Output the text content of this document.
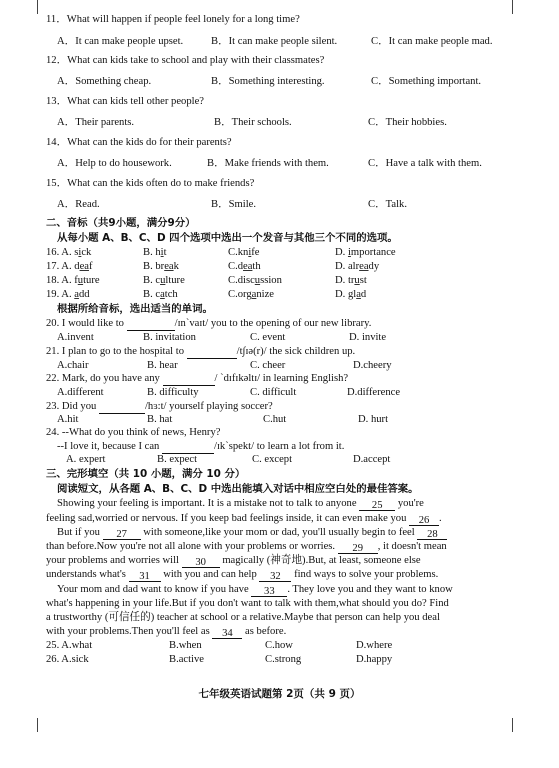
11．What will happen if people feel lonely for a long time?
A．It can make people upset.	B．It can make people silent.	C．It can make people mad.
12．What can kids take to school and play with their classmates?
A．Something cheap.	B．Something interesting.	C．Something important.
13．What can kids tell other people?
A．Their parents.	B．Their schools.	C．Their hobbies.
14．What can the kids do for their parents?
A．Help to do housework.	B．Make friends with them.	C．Have a talk with them.
15．What can the kids often do to make friends?
A．Read.	B．Smile.	C．Talk.
二、音标（共9小题，满分9分）
从每小题 A、B、C、D 四个选项中选出一个发音与其他三个不同的选项。
16. A. sick	B. hit	C.knife	D. importance
17. A. deaf	B. break	C.death	D. already
18. A. future	B. culture	C.discussion	D. trust
19. A. add	B. catch	C.organize	D. glad
根据所给音标，选出适当的单词。
20. I would like to	/ɪn`vaɪt/ you to the opening of our new library.
A.invent	B. invitation	C. event	D. invite
21. I plan to go to the hospital to	/t∫ɪə(r)/ the sick children up.
A.chair	B. hear	C. cheer	D.cheery
22. Mark, do you have any	/ `dɪfɪkəltɪ/ in learning English?
A.different	B. difficulty	C. difficult	D.difference
23. Did you	/hɜ:t/ yourself playing soccer?
A.hit	B. hat	C.hut	D. hurt
24. --What do you think of news, Henry?
--I love it, because I can	/ɪk`spekt/ to learn a lot from it.
A. expert	B. expect	C. except	D.accept
三、完形填空（共 10 小题，满分 10 分）
阅读短文，从各题 A、B、C、D 中选出能填入对话中相应空白处的最佳答案。
Showing your feeling is important. It is a mistake not to talk to anyone 25 you're
feeling sad,worried or nervous. If you keep bad feelings inside, it can even make you 26 .
But if you 27 with someone,like your mom or dad, you'll usually begin to feel 28
than before.Now you're not all alone with your problems or worries. 29 , it doesn't mean
your problems and worries will 30 magically (神奇地).But, at least, someone else
understands what's 31 with you and can help 32 find ways to solve your problems.
Your mom and dad want to know if you have 33 . They love you and they want to know
what's happening in your life.But if you don't want to talk with them,what should you do? Find
a trustworthy (可信任的) teacher at school or a relative.Maybe that person can help you deal
with your problems.Then you'll feel as 34 as before.
25. A.what	B.when	C.how	D.where
26. A.sick	B.active	C.strong	D.happy
七年级英语试题第 2页（共 9 页）
